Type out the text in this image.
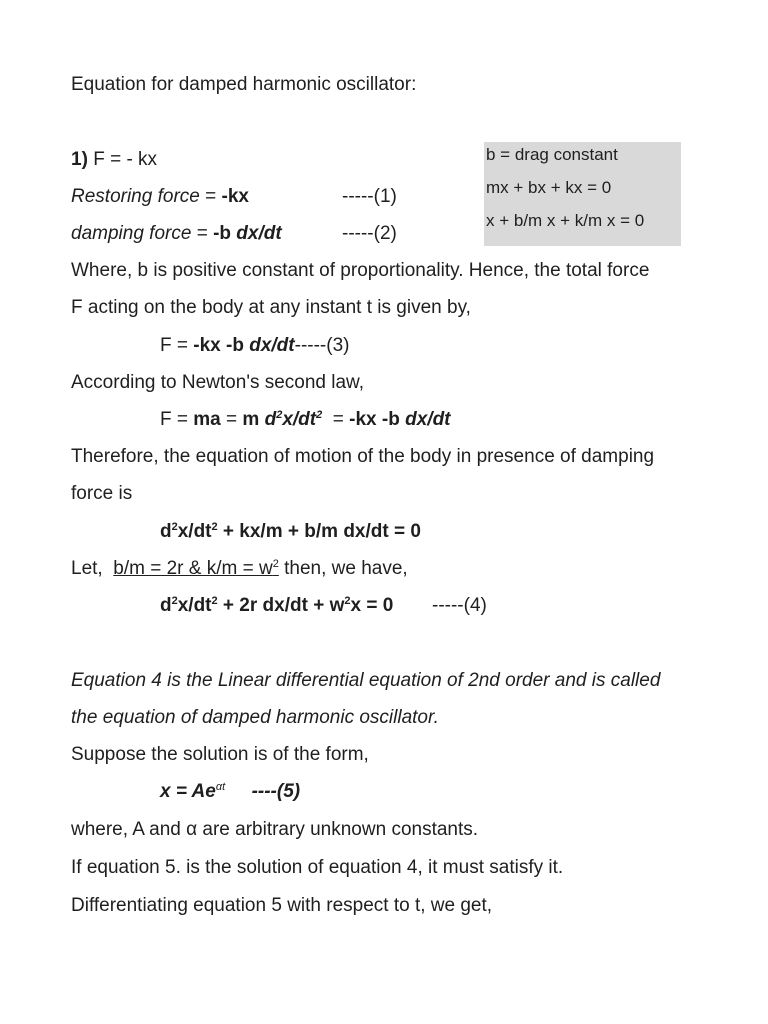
Equation for damped harmonic oscillator:
1) F = - kx
Restoring force = -kx	-----(1)
damping force = -b dx/dt	-----(2)
b = drag constant
mx + bx + kx = 0
x + b/m x + k/m x = 0
Where, b is positive constant of proportionality. Hence, the total force
F acting on the body at any instant t is given by,
F = -kx -b dx/dt-----(3)
According to Newton's second law,
F = ma = m $d^2x/dt^2 = -kx$ -b dx/dt
Therefore, the equation of motion of the body in presence of damping
force is
$d^2x/dt^2 + kx/m + b/m$ dx/dt = 0
Let, b/m = 2r & $k/m = w^2$ then, we have,
$d^2x/dt^2 + 2r$ $dx/dt + w^2x = 0$ -----(4)
Equation 4 is the Linear differential equation of 2nd order and is called
the equation of damped harmonic oscillator.
Suppose the solution is of the form,
$x = Ae^{\alpha t}$ ----(5)
where, A and α are arbitrary unknown constants.
If equation 5. is the solution of equation 4, it must satisfy it.
Differentiating equation 5 with respect to t, we get,
